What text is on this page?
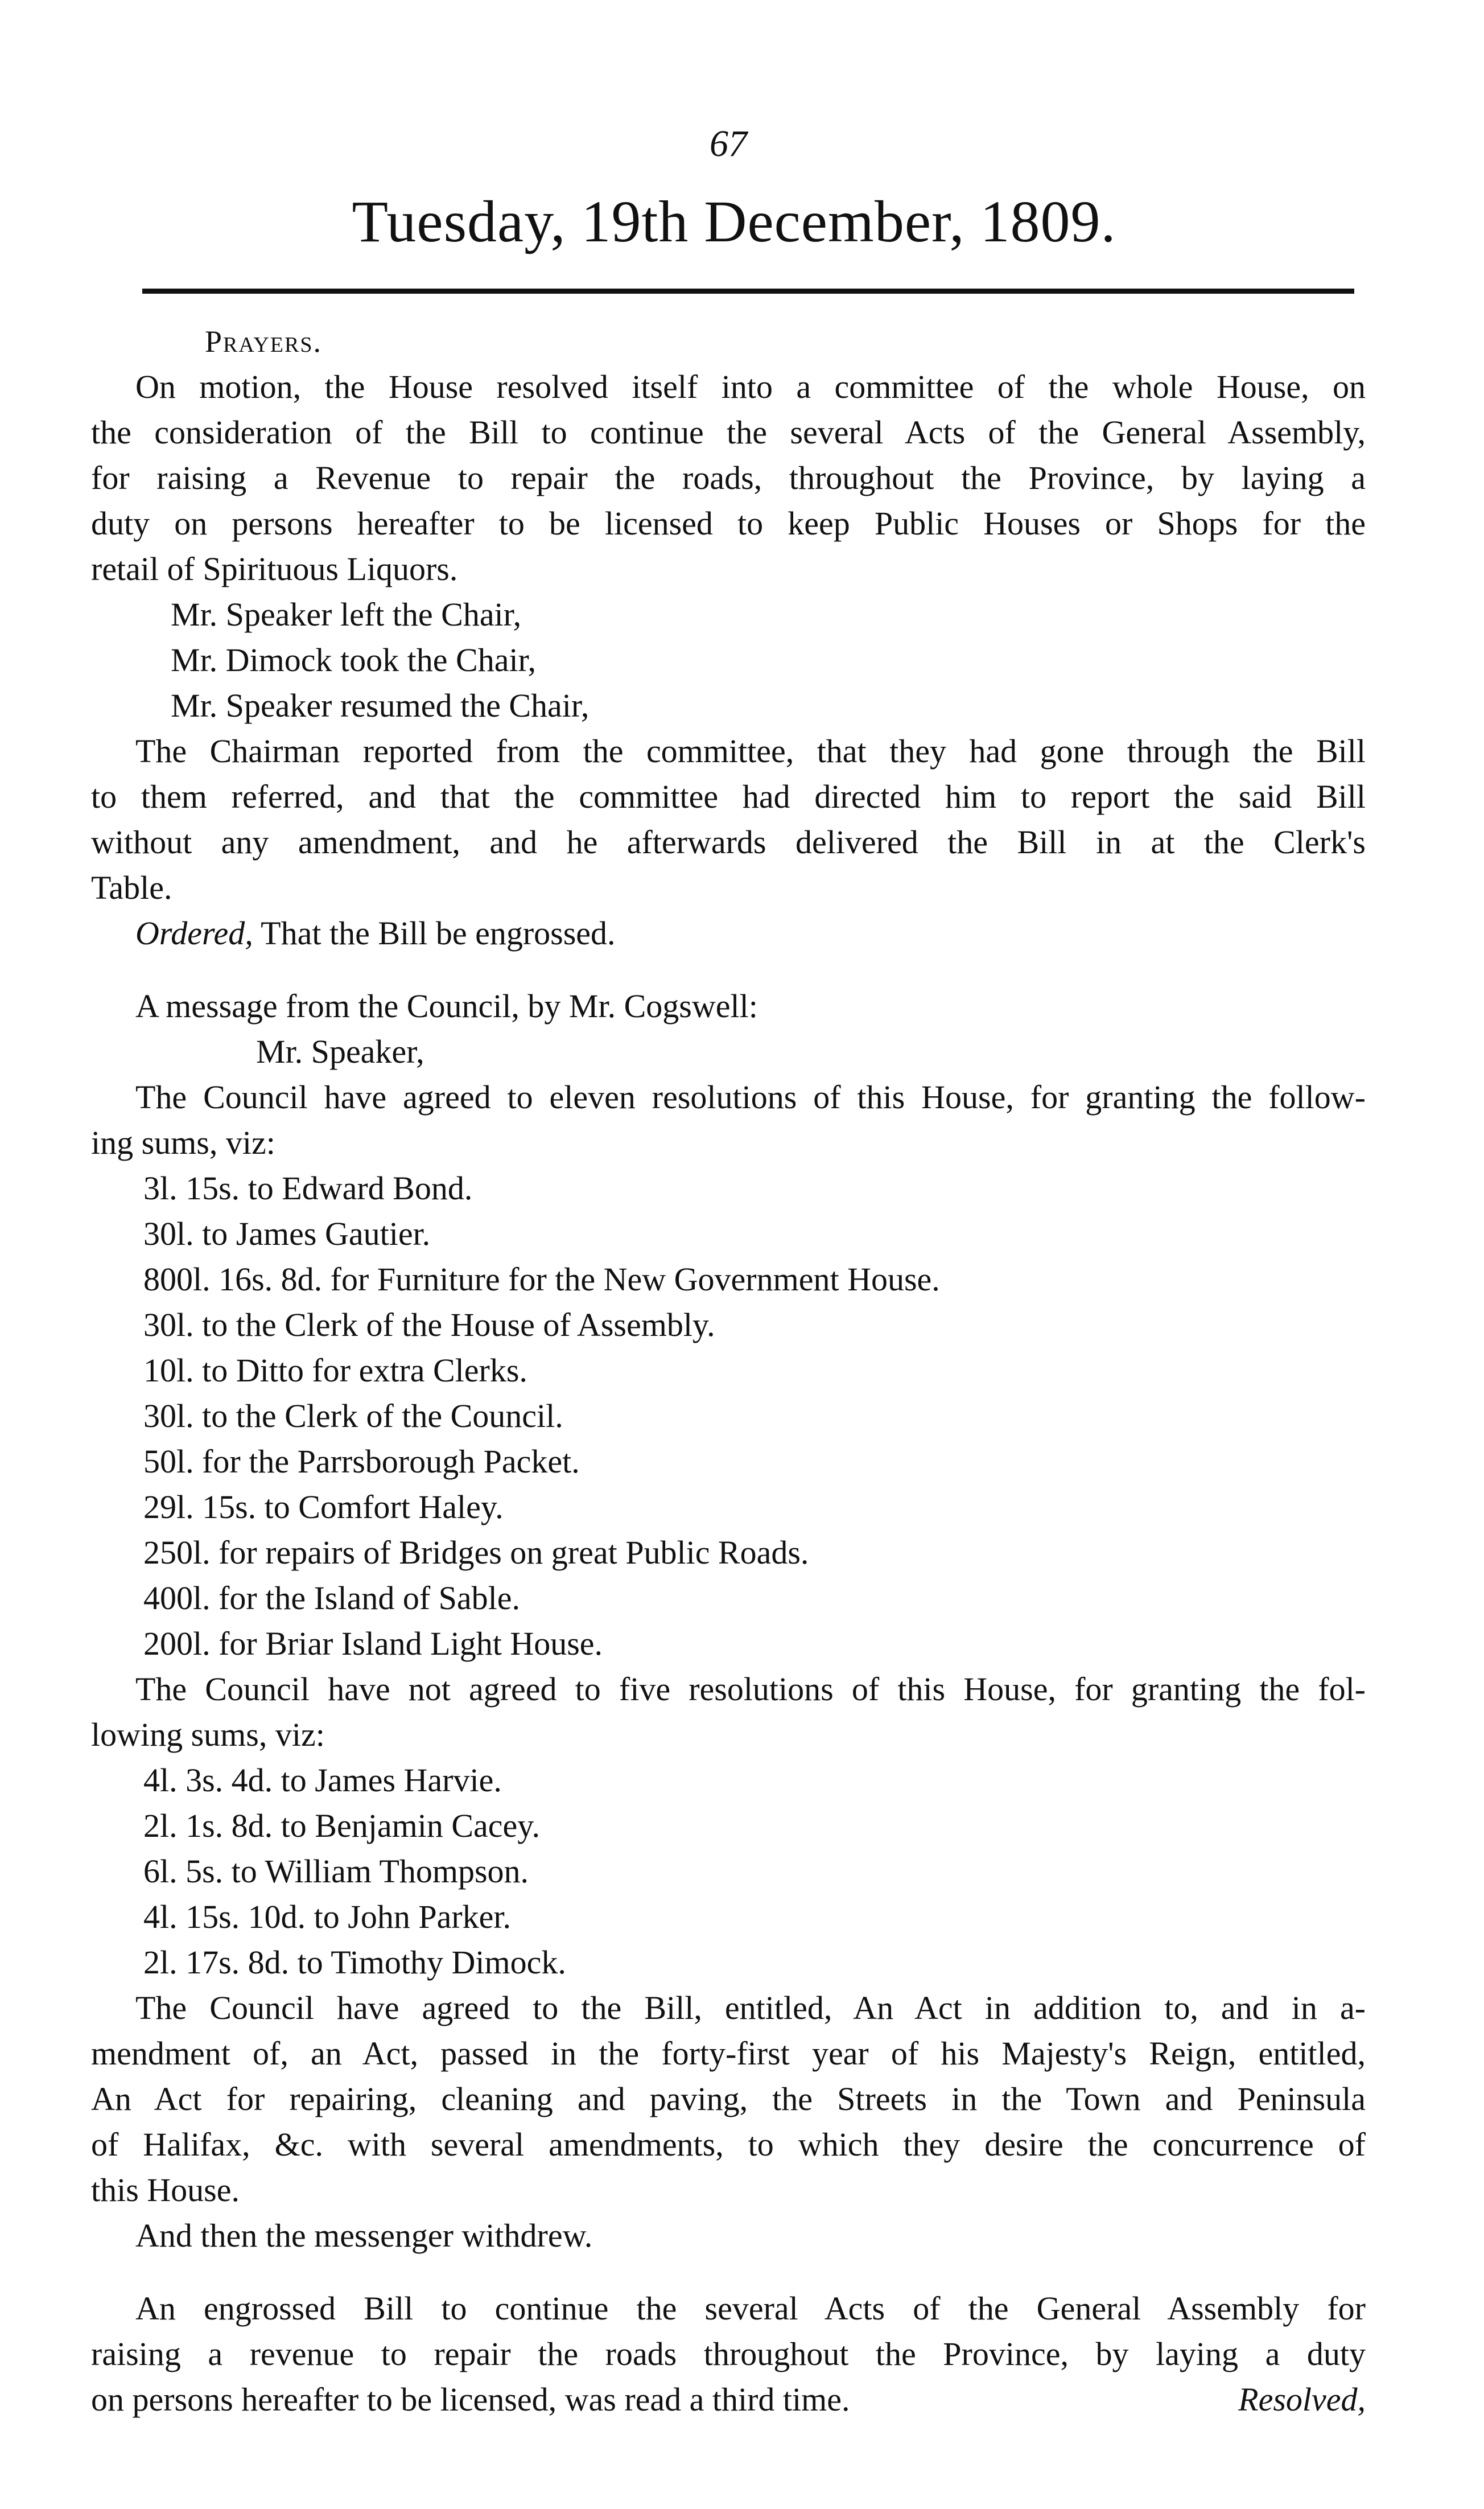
67
Tuesday, 19th December, 1809.
Prayers.
On motion, the House resolved itself into a committee of the whole House, on
the consideration of the Bill to continue the several Acts of the General Assembly,
for raising a Revenue to repair the roads, throughout the Province, by laying a
duty on persons hereafter to be licensed to keep Public Houses or Shops for the
retail of Spirituous Liquors.
Mr. Speaker left the Chair,
Mr. Dimock took the Chair,
Mr. Speaker resumed the Chair,
The Chairman reported from the committee, that they had gone through the Bill
to them referred, and that the committee had directed him to report the said Bill
without any amendment, and he afterwards delivered the Bill in at the Clerk's
Table.
Ordered, That the Bill be engrossed.
A message from the Council, by Mr. Cogswell:
Mr. Speaker,
The Council have agreed to eleven resolutions of this House, for granting the follow-
ing sums, viz:
3l. 15s. to Edward Bond.
30l. to James Gautier.
800l. 16s. 8d. for Furniture for the New Government House.
30l. to the Clerk of the House of Assembly.
10l. to Ditto for extra Clerks.
30l. to the Clerk of the Council.
50l. for the Parrsborough Packet.
29l. 15s. to Comfort Haley.
250l. for repairs of Bridges on great Public Roads.
400l. for the Island of Sable.
200l. for Briar Island Light House.
The Council have not agreed to five resolutions of this House, for granting the fol-
lowing sums, viz:
4l. 3s. 4d. to James Harvie.
2l. 1s. 8d. to Benjamin Cacey.
6l. 5s. to William Thompson.
4l. 15s. 10d. to John Parker.
2l. 17s. 8d. to Timothy Dimock.
The Council have agreed to the Bill, entitled, An Act in addition to, and in a-
mendment of, an Act, passed in the forty-first year of his Majesty's Reign, entitled,
An Act for repairing, cleaning and paving, the Streets in the Town and Peninsula
of Halifax, &c. with several amendments, to which they desire the concurrence of
this House.
And then the messenger withdrew.
An engrossed Bill to continue the several Acts of the General Assembly for
raising a revenue to repair the roads throughout the Province, by laying a duty
on persons hereafter to be licensed, was read a third time.	Resolved,
